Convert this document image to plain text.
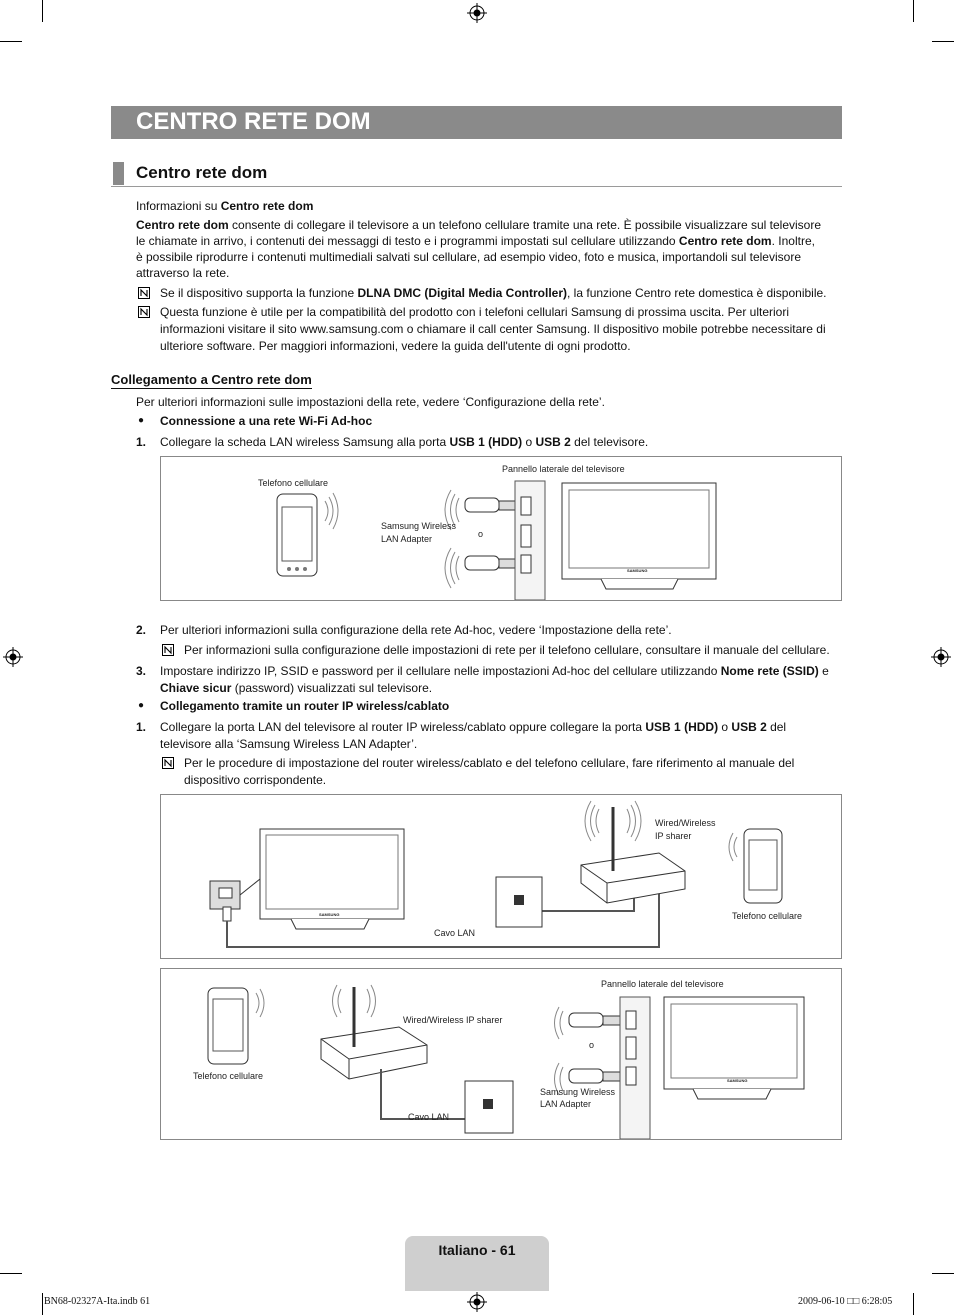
CENTRO RETE DOM
Centro rete dom
Informazioni su Centro rete dom
Centro rete dom consente di collegare il televisore a un telefono cellulare tramite una rete. È possibile visualizzare sul televisore
le chiamate in arrivo, i contenuti dei messaggi di testo e i programmi impostati sul cellulare utilizzando Centro rete dom. Inoltre,
è possibile riprodurre i contenuti multimediali salvati sul cellulare, ad esempio video, foto e musica, importandoli sul televisore
attraverso la rete.
Se il dispositivo supporta la funzione DLNA DMC (Digital Media Controller), la funzione Centro rete domestica è disponibile.
Questa funzione è utile per la compatibilità del prodotto con i telefoni cellulari Samsung di prossima uscita. Per ulteriori
informazioni visitare il sito www.samsung.com o chiamare il call center Samsung. Il dispositivo mobile potrebbe necessitare di
ulteriore software. Per maggiori informazioni, vedere la guida dell'utente di ogni prodotto.
Collegamento a Centro rete dom
Per ulteriori informazioni sulle impostazioni della rete, vedere ‘Configurazione della rete’.
● Connessione a una rete Wi-Fi Ad-hoc
1. Collegare la scheda LAN wireless Samsung alla porta USB 1 (HDD) o USB 2 del televisore.
Telefono cellulare
Pannello laterale del televisore
Samsung Wireless
LAN Adapter	o
SAMSUNG
2. Per ulteriori informazioni sulla configurazione della rete Ad-hoc, vedere ‘Impostazione della rete’.
Per informazioni sulla configurazione delle impostazioni di rete per il telefono cellulare, consultare il manuale del cellulare.
3. Impostare indirizzo IP, SSID e password per il cellulare nelle impostazioni Ad-hoc del cellulare utilizzando Nome rete (SSID) e
Chiave sicur (password) visualizzati sul televisore.
● Collegamento tramite un router IP wireless/cablato
1. Collegare la porta LAN del televisore al router IP wireless/cablato oppure collegare la porta USB 1 (HDD) o USB 2 del
televisore alla ‘Samsung Wireless LAN Adapter’.
Per le procedure di impostazione del router wireless/cablato e del telefono cellulare, fare riferimento al manuale del
dispositivo corrispondente.
Wired/Wireless
IP sharer
Telefono cellulare
Cavo LAN
SAMSUNG
Telefono cellulare
Wired/Wireless IP sharer
Cavo LAN
Pannello laterale del televisore
Samsung Wireless
LAN Adapter
o
SAMSUNG
Italiano - 61
BN68-02327A-Ita.indb 61	2009-06-10 □□ 6:28:05
